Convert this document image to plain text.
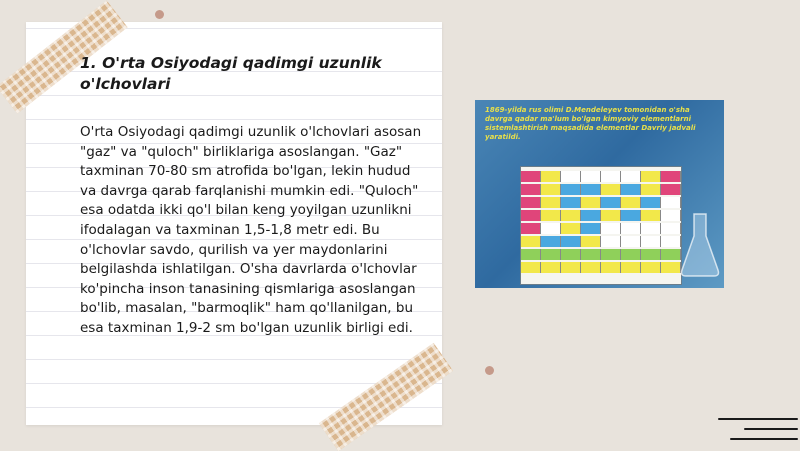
1. O'rta Osiyodagi qadimgi uzunlik o'lchovlari

O'rta Osiyodagi qadimgi uzunlik o'lchovlari asosan "gaz" va "quloch" birliklariga asoslangan. "Gaz" taxminan 70-80 sm atrofida bo'lgan, lekin hudud va davrga qarab farqlanishi mumkin edi. "Quloch" esa odatda ikki qo'l bilan keng yoyilgan uzunlikni ifodalagan va taxminan 1,5-1,8 metr edi. Bu o'lchovlar savdo, qurilish va yer maydonlarini belgilashda ishlatilgan. O'sha davrlarda o'lchovlar ko'pincha inson tanasining qismlariga asoslangan bo'lib, masalan, "barmoqlik" ham qo'llanilgan, bu esa taxminan 1,9-2 sm bo'lgan uzunlik birligi edi.

1869-yilda rus olimi D.Mendeleyev tomonidan o'sha davrga qadar ma'lum bo'lgan kimyoviy elementlarni sistemlashtirish maqsadida elementlar Davriy jadvali yaratildi.
